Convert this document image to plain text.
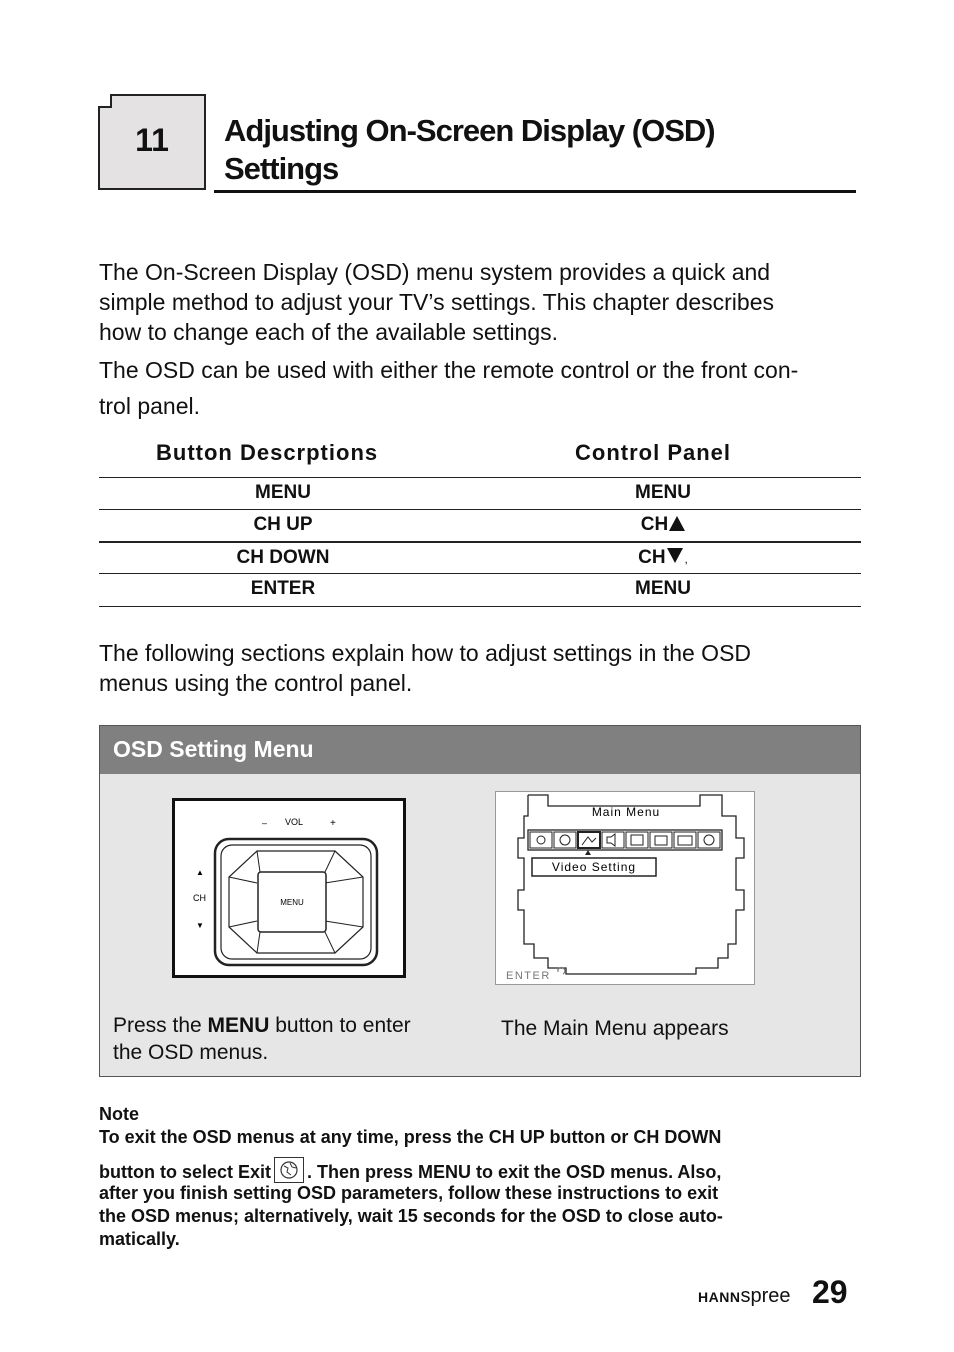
11	Adjusting On-Screen Display (OSD)
Settings
The On-Screen Display (OSD) menu system provides a quick and
simple method to adjust your TV’s settings. This chapter describes
how to change each of the available settings.
The OSD can be used with either the remote control or the front con-
trol panel.
Button Descrptions	Control Panel
MENU	MENU
CH UP	CH
CH DOWN	CH ,
ENTER	MENU
The following sections explain how to adjust settings in the OSD
menus using the control panel.
OSD Setting Menu
– VOL	+
▲
CH
▼
MENU
Main Menu
Video Setting
ENTER
Press the MENU button to enter
the OSD menus.
The Main Menu appears
Note
To exit the OSD menus at any time, press the CH UP button or CH DOWN
button to select Exit . Then press MENU to exit the OSD menus. Also,
after you finish setting OSD parameters, follow these instructions to exit
the OSD menus; alternatively, wait 15 seconds for the OSD to close auto-
matically.
HANNspree 29
